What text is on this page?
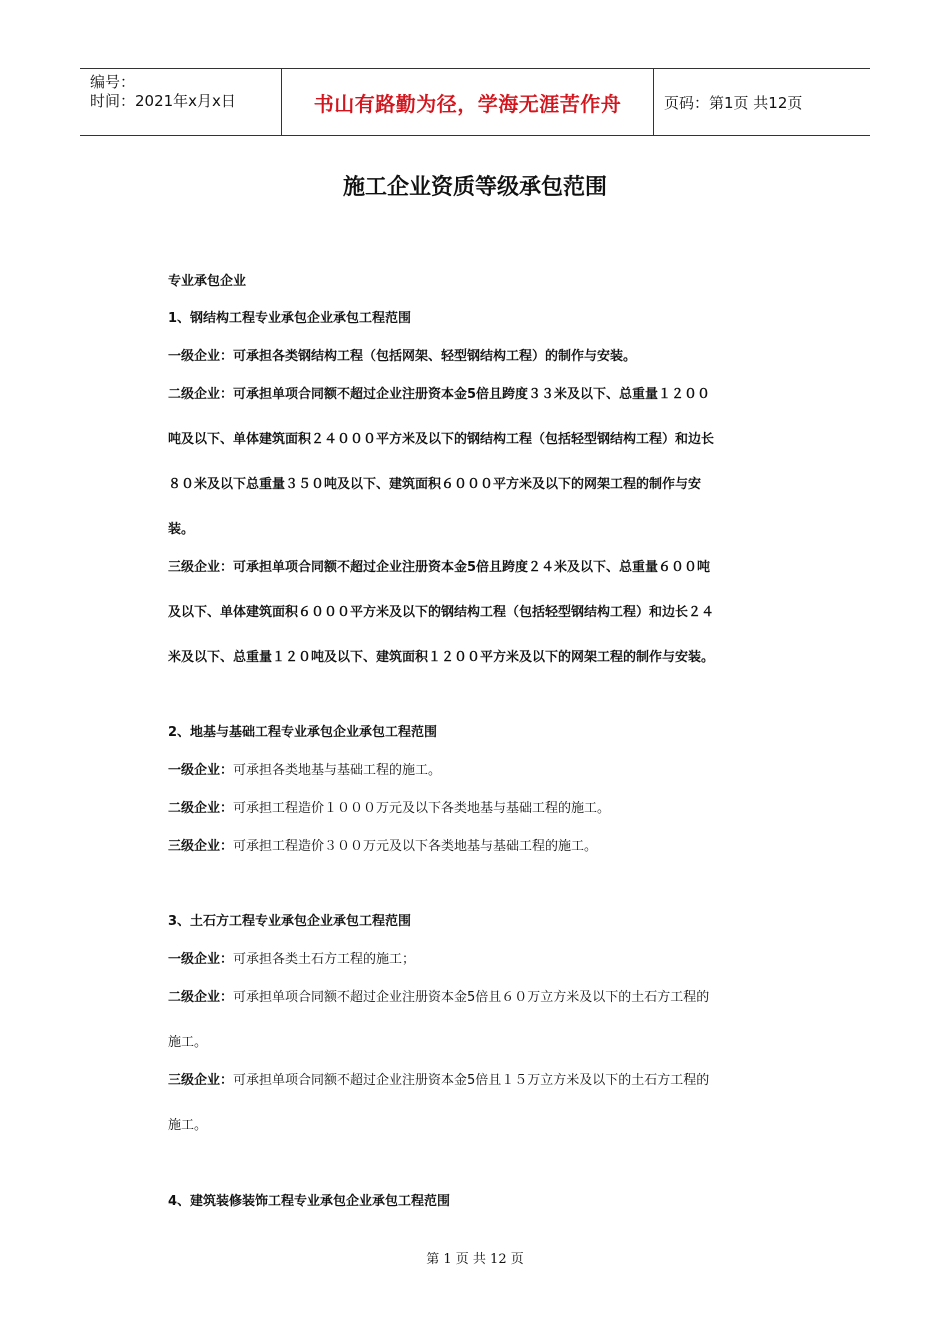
编号：
时间：2021年x月x日	书山有路勤为径，学海无涯苦作舟	页码：第1页 共12页
施工企业资质等级承包范围
专业承包企业
1、钢结构工程专业承包企业承包工程范围
一级企业：可承担各类钢结构工程（包括网架、轻型钢结构工程）的制作与安装。
二级企业：可承担单项合同额不超过企业注册资本金5倍且跨度３３米及以下、总重量１２００
吨及以下、单体建筑面积２４０００平方米及以下的钢结构工程（包括轻型钢结构工程）和边长
８０米及以下总重量３５０吨及以下、建筑面积６０００平方米及以下的网架工程的制作与安
装。
三级企业：可承担单项合同额不超过企业注册资本金5倍且跨度２４米及以下、总重量６００吨
及以下、单体建筑面积６０００平方米及以下的钢结构工程（包括轻型钢结构工程）和边长２４
米及以下、总重量１２０吨及以下、建筑面积１２００平方米及以下的网架工程的制作与安装。
2、地基与基础工程专业承包企业承包工程范围
一级企业：可承担各类地基与基础工程的施工。
二级企业：可承担工程造价１０００万元及以下各类地基与基础工程的施工。
三级企业：可承担工程造价３００万元及以下各类地基与基础工程的施工。
3、土石方工程专业承包企业承包工程范围
一级企业：可承担各类土石方工程的施工；
二级企业：可承担单项合同额不超过企业注册资本金5倍且６０万立方米及以下的土石方工程的
施工。
三级企业：可承担单项合同额不超过企业注册资本金5倍且１５万立方米及以下的土石方工程的
施工。
4、建筑装修装饰工程专业承包企业承包工程范围
第 1 页 共 12 页
